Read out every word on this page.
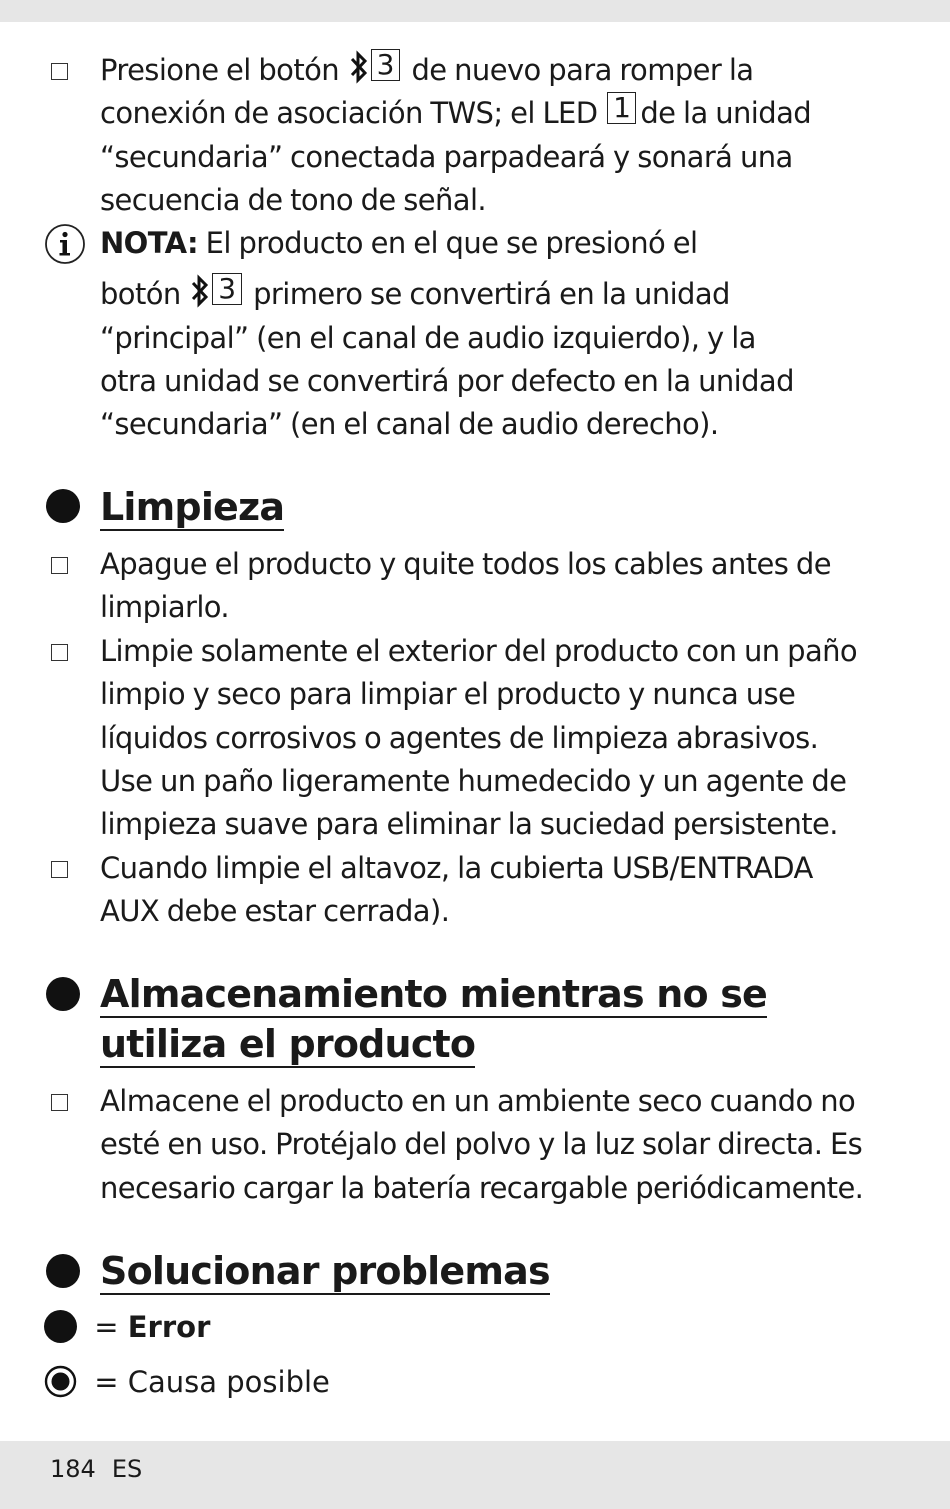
Presione el botón 3 de nuevo para romper la
conexión de asociación TWS; el LED 1 de la unidad
“secundaria” conectada parpadeará y sonará una
secuencia de tono de señal.
NOTA: El producto en el que se presionó el
botón 3 primero se convertirá en la unidad
“principal” (en el canal de audio izquierdo), y la
otra unidad se convertirá por defecto en la unidad
“secundaria” (en el canal de audio derecho).
Limpieza
Apague el producto y quite todos los cables antes de
limpiarlo.
Limpie solamente el exterior del producto con un paño
limpio y seco para limpiar el producto y nunca use
líquidos corrosivos o agentes de limpieza abrasivos.
Use un paño ligeramente humedecido y un agente de
limpieza suave para eliminar la suciedad persistente.
Cuando limpie el altavoz, la cubierta USB/ENTRADA
AUX debe estar cerrada).
Almacenamiento mientras no se
utiliza el producto
Almacene el producto en un ambiente seco cuando no
esté en uso. Protéjalo del polvo y la luz solar directa. Es
necesario cargar la batería recargable periódicamente.
Solucionar problemas
= Error
= Causa posible
184 ES
